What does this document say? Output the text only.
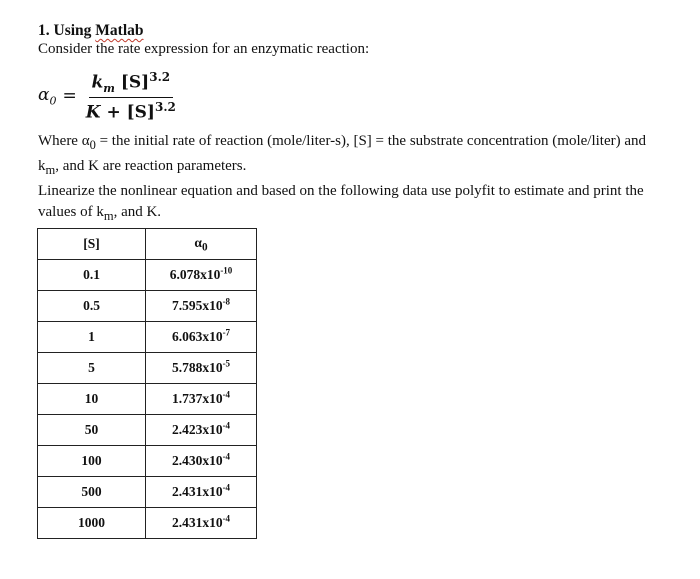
1. Using Matlab
Consider the rate expression for an enzymatic reaction:
$\alpha_0 = \frac{k_m [S]^{3.2}}{K + [S]^{3.2}}$
Where $\alpha_0$ = the initial rate of reaction (mole/liter-s), [S] = the substrate concentration (mole/liter) and $k_m$, and K are reaction parameters.
Linearize the nonlinear equation and based on the following data use polyfit to estimate and print the values of $k_m$, and K.
[S]	$\alpha_0$
0.1	$6.078x10^{-10}$
0.5	$7.595x10^{-8}$
1	$6.063x10^{-7}$
5	$5.788x10^{-5}$
10	$1.737x10^{-4}$
50	$2.423x10^{-4}$
100	$2.430x10^{-4}$
500	$2.431x10^{-4}$
1000	$2.431x10^{-4}$
